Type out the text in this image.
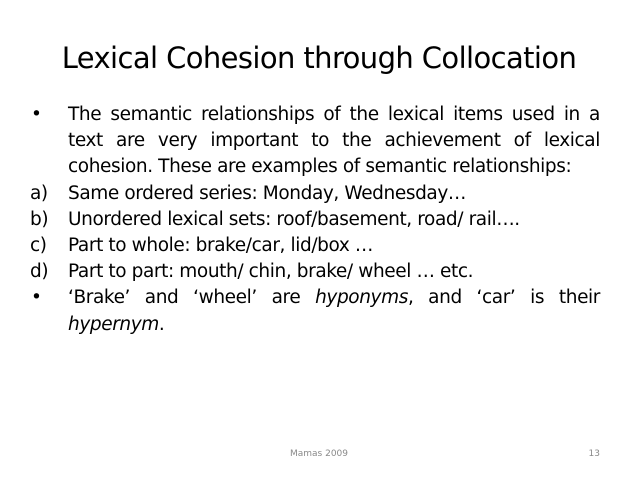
Lexical Cohesion through Collocation
• The semantic relationships of the lexical items used in a text are very important to the achievement of lexical cohesion. These are examples of semantic relationships:
a) Same ordered series: Monday, Wednesday…
b) Unordered lexical sets: roof/basement, road/ rail….
c) Part to whole: brake/car, lid/box …
d) Part to part: mouth/ chin, brake/ wheel … etc.
• ‘Brake’ and ‘wheel’ are hyponyms, and ‘car’ is their hypernym.
Mamas 2009	13
